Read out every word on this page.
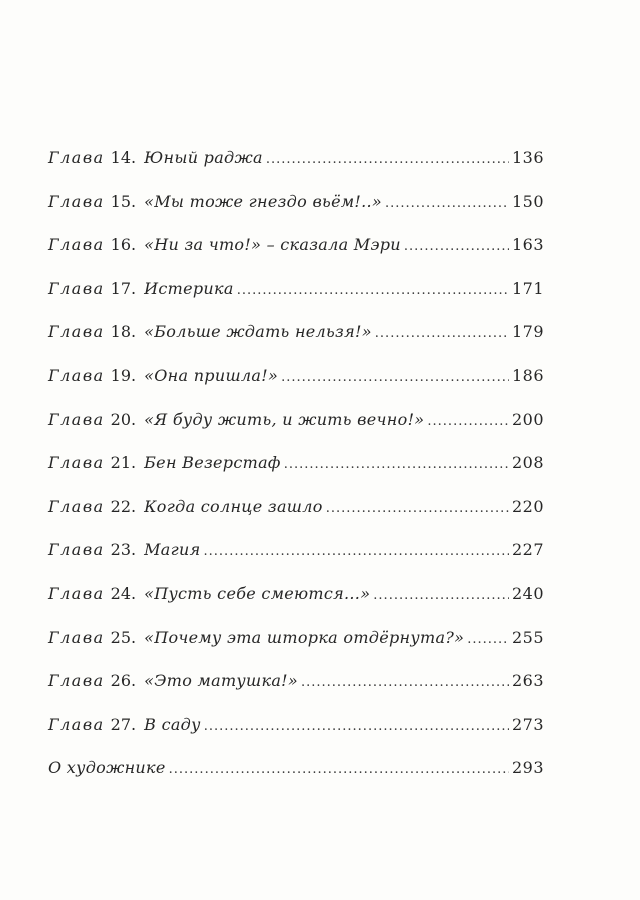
Глава 14. Юный раджа .....	136
Глава 15. «Мы тоже гнездо вьём!..» .....	150
Глава 16. «Ни за что!» – сказала Мэри .....	163
Глава 17. Истерика .....	171
Глава 18. «Больше ждать нельзя!» .....	179
Глава 19. «Она пришла!» .....	186
Глава 20. «Я буду жить, и жить вечно!» .....	200
Глава 21. Бен Везерстаф .....	208
Глава 22. Когда солнце зашло .....	220
Глава 23. Магия .....	227
Глава 24. «Пусть себе смеются...» .....	240
Глава 25. «Почему эта шторка отдёрнута?» .....	255
Глава 26. «Это матушка!» .....	263
Глава 27. В саду .....	273
О художнике .....	293
